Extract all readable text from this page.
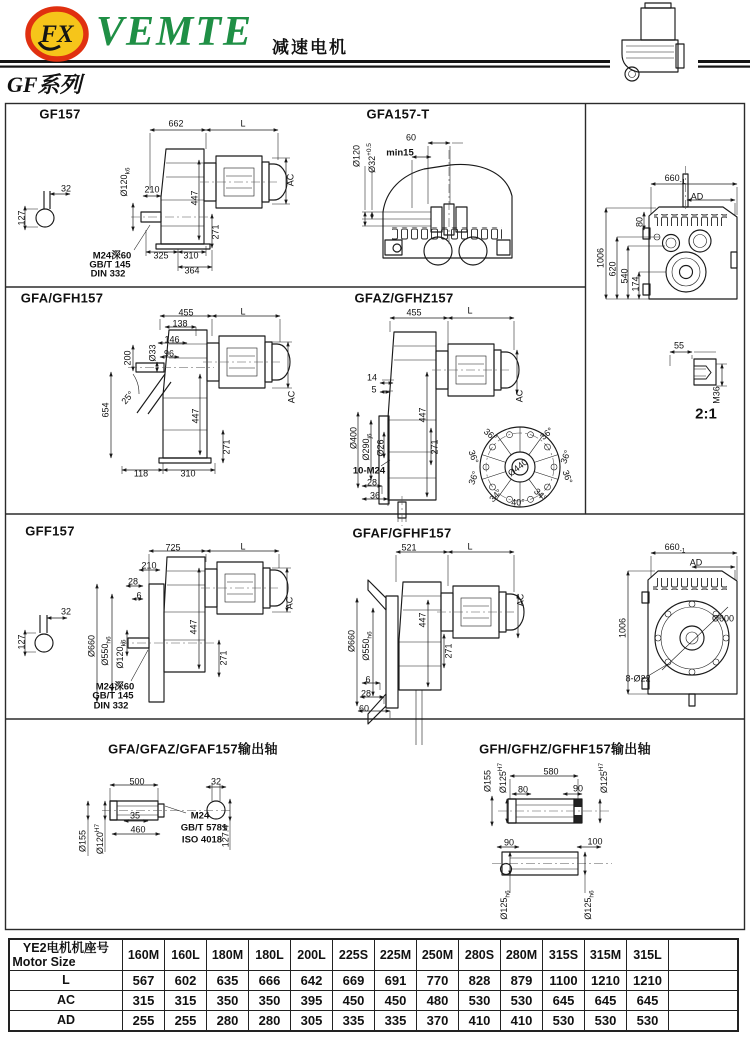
FX VEMTE	减速电机
GF系列
GF157
662	L
AC
$Ø120_{k6}$
210
447
271
32
127
M24深60
GB/T 145
DIN 332
325 310
364
GFA157-T
60
min15
Ø120 $Ø32^{+0.5}$
$660_{-1}$
AD
80
1006
620 540
174
55
M36
2:1
GFA/GFH157
455	L
138
146
96
Ø33
200
25°
654	447
AC
271
118	310
GFAZ/GFHZ157
455	L
14
5
AC
447
Ø400
$Ø290_{j6}$
Ø26	271
10-M24
28
36
36°	36°
36°	36°
36°	36°
34° 40° 34°
Ø440
GFF157
725	L
210
28
6
AC
32
127	Ø660 $Ø550_{h6}$
$Ø120_{k6}$
447
271
M24深60
GB/T 145
DIN 332
GFAF/GFHF157
521	L
AC
Ø660 $Ø550_{h6}$
447
271
6
28
60
$660_{-1}$
AD
1006	Ø600
8-Ø22
GFA/GFAZ/GFAF157输出轴
500	32
Ø155 $Ø120^{H7}$
35
460
M24
GB/T 5781
ISO 4018
127.4
GFH/GFHZ/GFHF157输出轴
Ø155 $Ø125^{H7}$	580
80	90 $Ø125^{H7}$
90	100
$Ø125_{h6}$
$Ø125_{h6}$
YE2电机机座号
Motor Size	160M	160L	180M	180L	200L	225S	225M	250M	280S	280M	315S	315M	315L	
L	567	602	635	666	642	669	691	770	828	879	1100	1210	1210	
AC	315	315	350	350	395	450	450	480	530	530	645	645	645	
AD	255	255	280	280	305	335	335	370	410	410	530	530	530	
